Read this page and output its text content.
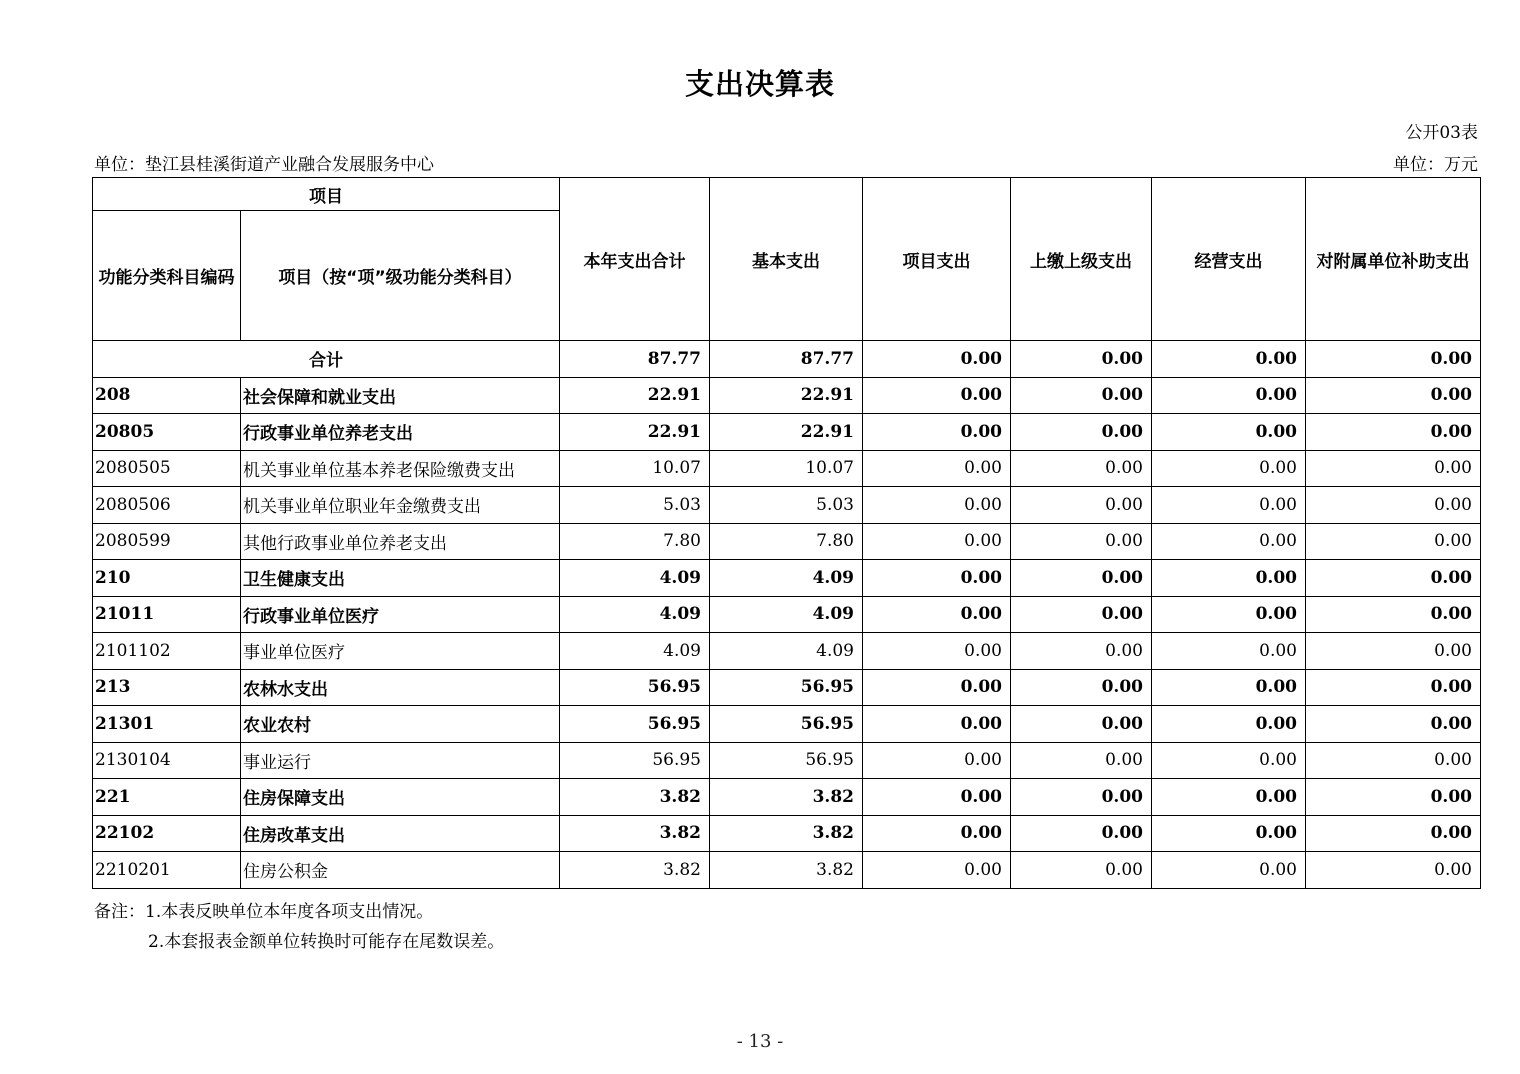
支出决算表
公开03表
单位：垫江县桂溪街道产业融合发展服务中心	单位：万元
项目		本年支出合计	基本支出	项目支出	上缴上级支出	经营支出	对附属单位补助支出
功能分类科目编码	项目（按“项”级功能分类科目）						
合计		87.77	87.77	0.00	0.00	0.00	0.00
208	社会保障和就业支出	22.91	22.91	0.00	0.00	0.00	0.00
20805	行政事业单位养老支出	22.91	22.91	0.00	0.00	0.00	0.00
2080505	机关事业单位基本养老保险缴费支出	10.07	10.07	0.00	0.00	0.00	0.00
2080506	机关事业单位职业年金缴费支出	5.03	5.03	0.00	0.00	0.00	0.00
2080599	其他行政事业单位养老支出	7.80	7.80	0.00	0.00	0.00	0.00
210	卫生健康支出	4.09	4.09	0.00	0.00	0.00	0.00
21011	行政事业单位医疗	4.09	4.09	0.00	0.00	0.00	0.00
2101102	事业单位医疗	4.09	4.09	0.00	0.00	0.00	0.00
213	农林水支出	56.95	56.95	0.00	0.00	0.00	0.00
21301	农业农村	56.95	56.95	0.00	0.00	0.00	0.00
2130104	事业运行	56.95	56.95	0.00	0.00	0.00	0.00
221	住房保障支出	3.82	3.82	0.00	0.00	0.00	0.00
22102	住房改革支出	3.82	3.82	0.00	0.00	0.00	0.00
2210201	住房公积金	3.82	3.82	0.00	0.00	0.00	0.00
备注：1.本表反映单位本年度各项支出情况。
2.本套报表金额单位转换时可能存在尾数误差。
- 13 -
